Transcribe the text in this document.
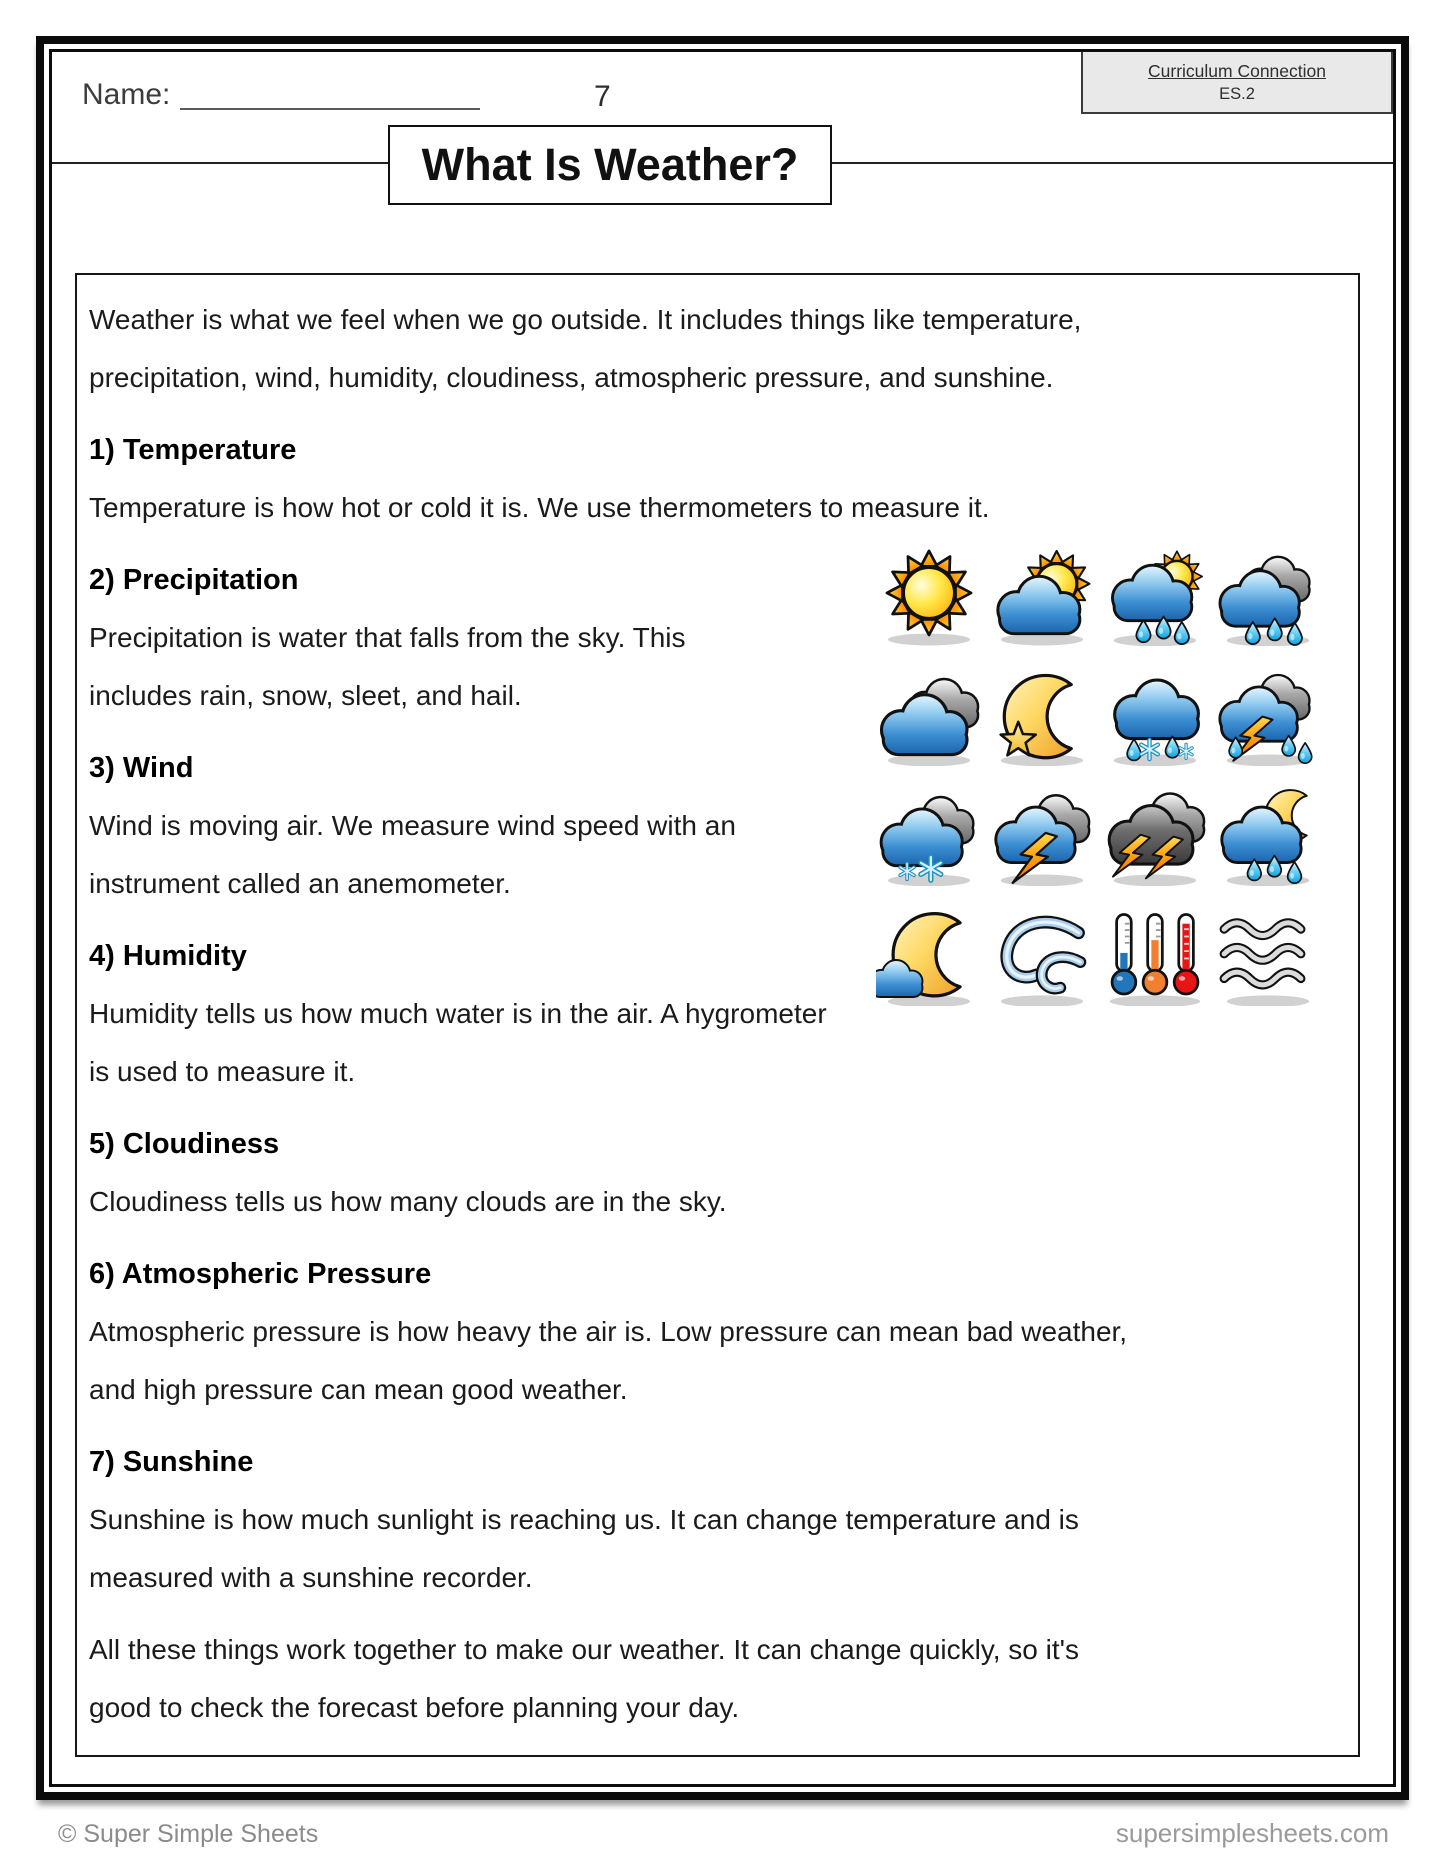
Name:	7
Curriculum Connection
ES.2
What Is Weather?

Weather is what we feel when we go outside. It includes things like temperature,
precipitation, wind, humidity, cloudiness, atmospheric pressure, and sunshine.

1) Temperature

Temperature is how hot or cold it is. We use thermometers to measure it.

2) Precipitation

Precipitation is water that falls from the sky. This
includes rain, snow, sleet, and hail.

3) Wind

Wind is moving air. We measure wind speed with an
instrument called an anemometer.

4) Humidity

Humidity tells us how much water is in the air. A hygrometer is used to measure it.

5) Cloudiness

Cloudiness tells us how many clouds are in the sky.

6) Atmospheric Pressure

Atmospheric pressure is how heavy the air is. Low pressure can mean bad weather,
and high pressure can mean good weather.

7) Sunshine

Sunshine is how much sunlight is reaching us. It can change temperature and is
measured with a sunshine recorder.

All these things work together to make our weather. It can change quickly, so it's
good to check the forecast before planning your day.

© Super Simple Sheets	supersimplesheets.com
